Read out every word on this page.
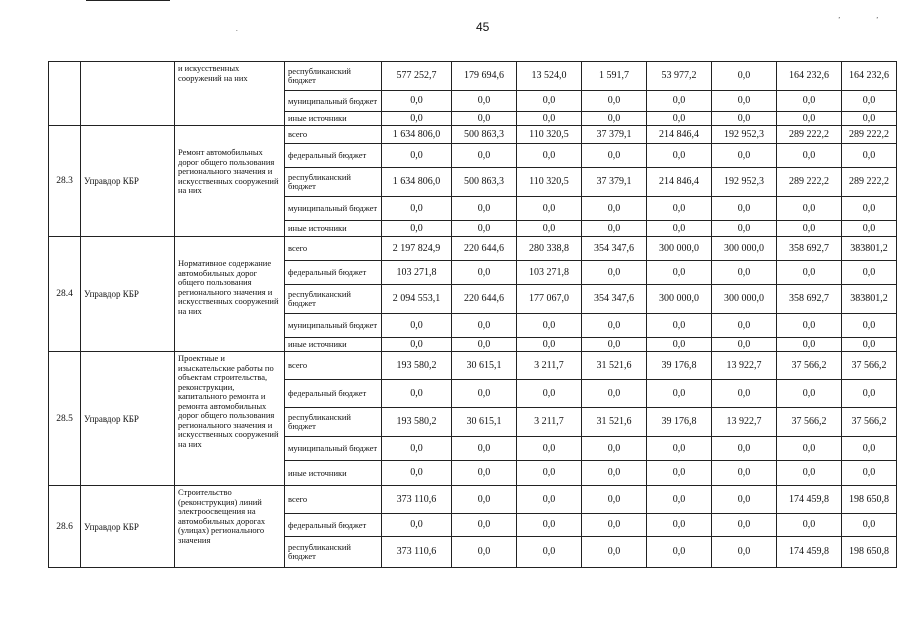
45
.
’	’
		и искусственных сооружений на них	республиканский бюджет	577 252,7	179 694,6	13 524,0	1 591,7	53 977,2	0,0	164 232,6	164 232,6
			муниципальный бюджет	0,0	0,0	0,0	0,0	0,0	0,0	0,0	0,0
			иные источники	0,0	0,0	0,0	0,0	0,0	0,0	0,0	0,0
28.3	Управдор КБР	Ремонт автомобильных дорог общего пользования регионального значения и искусственных сооружений на них	всего	1 634 806,0	500 863,3	110 320,5	37 379,1	214 846,4	192 952,3	289 222,2	289 222,2
			федеральный бюджет	0,0	0,0	0,0	0,0	0,0	0,0	0,0	0,0
			республиканский бюджет	1 634 806,0	500 863,3	110 320,5	37 379,1	214 846,4	192 952,3	289 222,2	289 222,2
			муниципальный бюджет	0,0	0,0	0,0	0,0	0,0	0,0	0,0	0,0
			иные источники	0,0	0,0	0,0	0,0	0,0	0,0	0,0	0,0
28.4	Управдор КБР	Нормативное содержание автомобильных дорог общего пользования регионального значения и искусственных сооружений на них	всего	2 197 824,9	220 644,6	280 338,8	354 347,6	300 000,0	300 000,0	358 692,7	383801,2
			федеральный бюджет	103 271,8	0,0	103 271,8	0,0	0,0	0,0	0,0	0,0
			республиканский бюджет	2 094 553,1	220 644,6	177 067,0	354 347,6	300 000,0	300 000,0	358 692,7	383801,2
			муниципальный бюджет	0,0	0,0	0,0	0,0	0,0	0,0	0,0	0,0
			иные источники	0,0	0,0	0,0	0,0	0,0	0,0	0,0	0,0
28.5	Управдор КБР	Проектные и изыскательские работы по объектам строительства, реконструкции, капитального ремонта и ремонта автомобильных дорог общего пользования регионального значения и искусственных сооружений на них	всего	193 580,2	30 615,1	3 211,7	31 521,6	39 176,8	13 922,7	37 566,2	37 566,2
			федеральный бюджет	0,0	0,0	0,0	0,0	0,0	0,0	0,0	0,0
			республиканский бюджет	193 580,2	30 615,1	3 211,7	31 521,6	39 176,8	13 922,7	37 566,2	37 566,2
			муниципальный бюджет	0,0	0,0	0,0	0,0	0,0	0,0	0,0	0,0
			иные источники	0,0	0,0	0,0	0,0	0,0	0,0	0,0	0,0
28.6	Управдор КБР	Строительство (реконструкция) линий электроосвещения на автомобильных дорогах (улицах) регионального значения	всего	373 110,6	0,0	0,0	0,0	0,0	0,0	174 459,8	198 650,8
			федеральный бюджет	0,0	0,0	0,0	0,0	0,0	0,0	0,0	0,0
			республиканский бюджет	373 110,6	0,0	0,0	0,0	0,0	0,0	174 459,8	198 650,8
